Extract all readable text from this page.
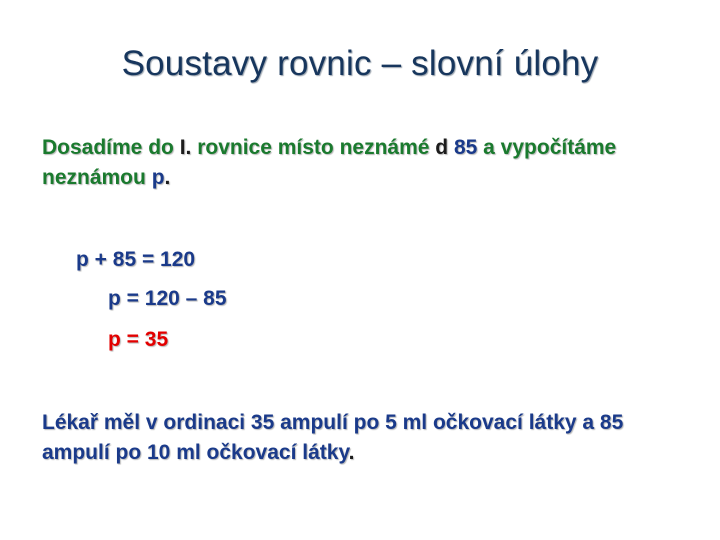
Soustavy rovnic – slovní úlohy

Dosadíme do I. rovnice místo neznámé d 85 a vypočítáme neznámou p.

p + 85 = 120
p = 120 – 85
p = 35

Lékař měl v ordinaci 35 ampulí po 5 ml očkovací látky a 85 ampulí po 10 ml očkovací látky.
